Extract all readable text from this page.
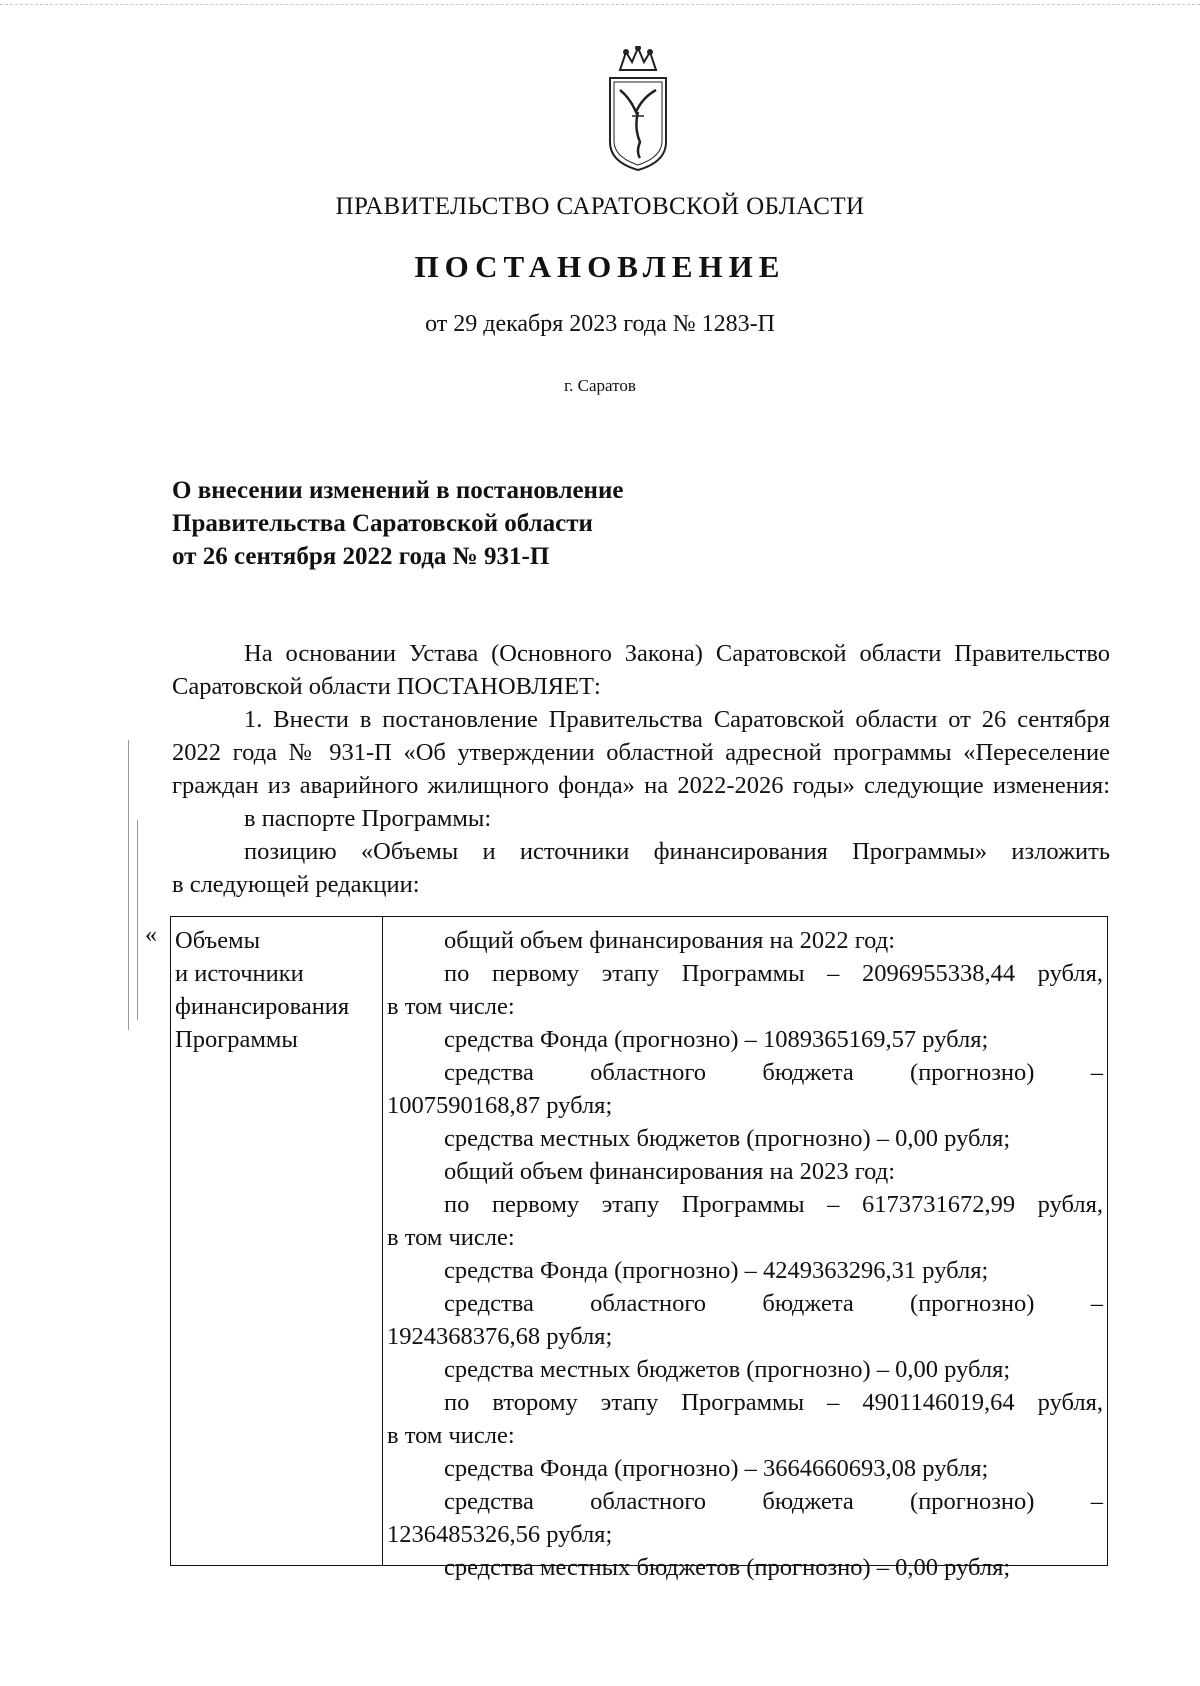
ПРАВИТЕЛЬСТВО САРАТОВСКОЙ ОБЛАСТИ
ПОСТАНОВЛЕНИЕ
от 29 декабря 2023 года № 1283-П
г. Саратов
О внесении изменений в постановление
Правительства Саратовской области
от 26 сентября 2022 года № 931-П
На основании Устава (Основного Закона) Саратовской области Правительство
Саратовской области ПОСТАНОВЛЯЕТ:
1. Внести в постановление Правительства Саратовской области от 26 сентября
2022 года № 931-П «Об утверждении областной адресной программы «Переселение
граждан из аварийного жилищного фонда» на 2022-2026 годы» следующие изменения:
в паспорте Программы:
позицию «Объемы и источники финансирования Программы» изложить
в следующей редакции:
« Объемы
и источники
финансирования
Программы
общий объем финансирования на 2022 год:
по первому этапу Программы – 2096955338,44 рубля,
в том числе:
средства Фонда (прогнозно) – 1089365169,57 рубля;
средства областного бюджета (прогнозно) –
1007590168,87 рубля;
средства местных бюджетов (прогнозно) – 0,00 рубля;
общий объем финансирования на 2023 год:
по первому этапу Программы – 6173731672,99 рубля,
в том числе:
средства Фонда (прогнозно) – 4249363296,31 рубля;
средства областного бюджета (прогнозно) –
1924368376,68 рубля;
средства местных бюджетов (прогнозно) – 0,00 рубля;
по второму этапу Программы – 4901146019,64 рубля,
в том числе:
средства Фонда (прогнозно) – 3664660693,08 рубля;
средства областного бюджета (прогнозно) –
1236485326,56 рубля;
средства местных бюджетов (прогнозно) – 0,00 рубля;
